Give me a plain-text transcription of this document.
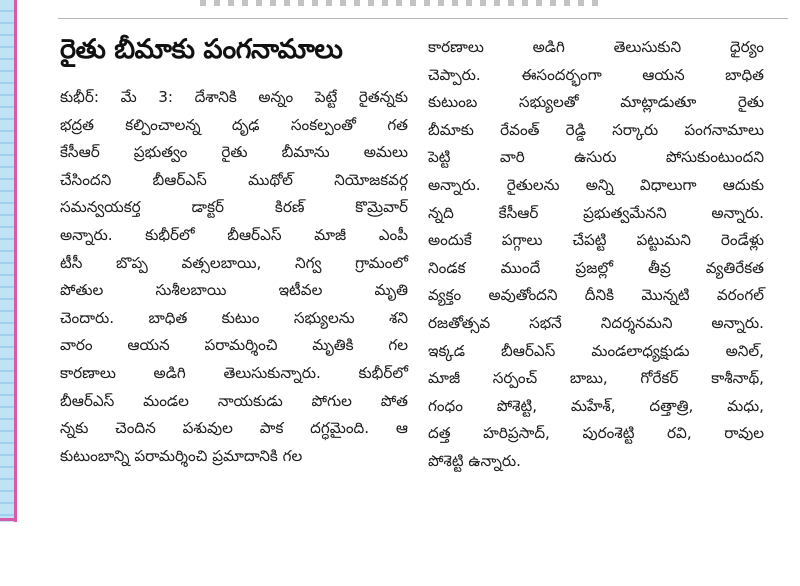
రైతు బీమాకు పంగనామాలు
కుభీర్‌: మే 3: దేశానికి అన్నం పెట్టే రైతన్నకు
భద్రత కల్పించాలన్న దృఢ సంకల్పంతో గత
కేసీఆర్‌ ప్రభుత్వం రైతు బీమాను అమలు
చేసిందని బీఆర్‌ఎస్‌ ముథోల్‌ నియోజకవర్గ
సమన్వయకర్త డాక్టర్‌ కిరణ్‌ కొమ్రెవార్‌
అన్నారు. కుభీర్‌లో బీఆర్‌ఎస్‌ మాజీ ఎంపీ
టీసీ బొప్ప వత్సలబాయి, నిగ్వ గ్రామంలో
పోతుల సుశీలబాయి ఇటీవల మృతి
చెందారు. బాధిత కుటుం సభ్యులను శని
వారం ఆయన పరామర్శించి మృతికి గల
కారణాలు అడిగి తెలుసుకున్నారు. కుభీర్‌లో
బీఆర్‌ఎస్‌ మండల నాయకుడు పోగుల పోత
న్నకు చెందిన పశువుల పాక దగ్ధమైంది. ఆ
కుటుంబాన్ని పరామర్శించి ప్రమాదానికి గల
కారణాలు అడిగి తెలుసుకుని ధైర్యం
చెప్పారు. ఈసందర్భంగా ఆయన బాధిత
కుటుంబ సభ్యులతో మాట్లాడుతూ రైతు
బీమాకు రేవంత్‌ రెడ్డి సర్కారు పంగనామాలు
పెట్టి వారి ఉసురు పోసుకుంటుందని
అన్నారు. రైతులను అన్ని విధాలుగా ఆదుకు
న్నది కేసీఆర్‌ ప్రభుత్వమేనని అన్నారు.
అందుకే పగ్గాలు చేపట్టి పట్టుమని రెండేళ్లు
నిండక ముందే ప్రజల్లో తీవ్ర వ్యతిరేకత
వ్యక్తం అవుతోందని దీనికి మొన్నటి వరంగల్‌
రజతోత్సవ సభనే నిదర్శనమని అన్నారు.
ఇక్కడ బీఆర్‌ఎస్‌ మండలాధ్యక్షుడు అనిల్‌,
మాజీ సర్పంచ్‌ బాబు, గోరేకర్‌ కాశీనాథ్‌,
గంధం పోశెట్టి, మహేశ్‌, దత్తాత్రి, మధు,
దత్త హరిప్రసాద్‌, పురంశెట్టి రవి, రావుల
పోశెట్టి ఉన్నారు.
